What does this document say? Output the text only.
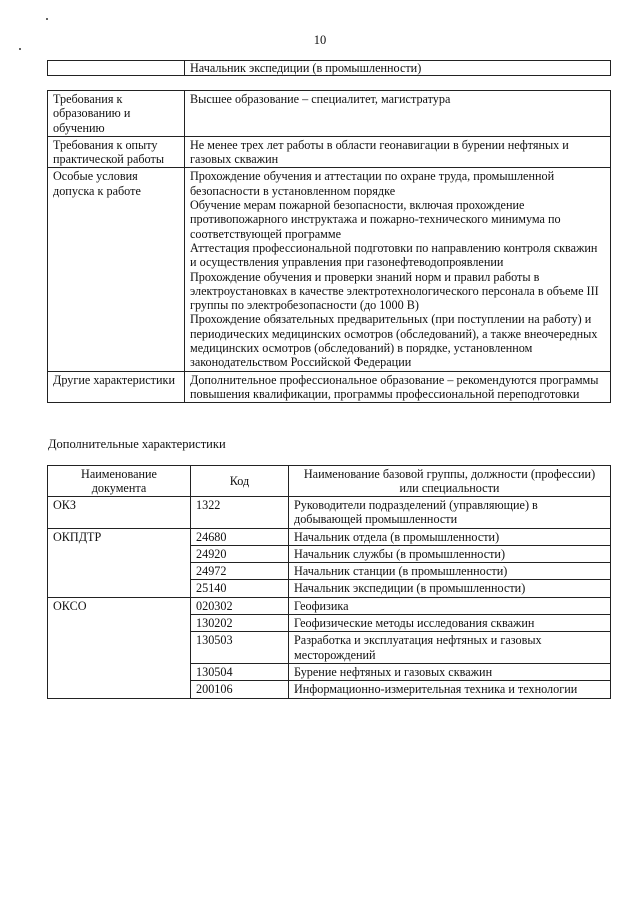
10
	Начальник экспедиции (в промышленности)
Требования к образованию и обучению	Высшее образование – специалитет, магистратура

Требования к опыту практической работы	Не менее трех лет работы в области геонавигации в бурении нефтяных и газовых скважин

Особые условия допуска к работе	Прохождение обучения и аттестации по охране труда, промышленной безопасности в установленном порядке
Обучение мерам пожарной безопасности, включая прохождение противопожарного инструктажа и пожарно-технического минимума по соответствующей программе
Аттестация профессиональной подготовки по направлению контроля скважин и осуществления управления при газонефтеводопроявлении
Прохождение обучения и проверки знаний норм и правил работы в электроустановках в качестве электротехнологического персонала в объеме III группы по электробезопасности (до 1000 В)
Прохождение обязательных предварительных (при поступлении на работу) и периодических медицинских осмотров (обследований), а также внеочередных медицинских осмотров (обследований) в порядке, установленном законодательством Российской Федерации

Другие характеристики	Дополнительное профессиональное образование – рекомендуются программы повышения квалификации, программы профессиональной переподготовки
Дополнительные характеристики
Наименование документа	Код	Наименование базовой группы, должности (профессии) или специальности
ОКЗ	1322	Руководители подразделений (управляющие) в добывающей промышленности
ОКПДТР	24680	Начальник отдела (в промышленности)
	24920	Начальник службы (в промышленности)
	24972	Начальник станции (в промышленности)
	25140	Начальник экспедиции (в промышленности)
ОКСО	020302	Геофизика
	130202	Геофизические методы исследования скважин
	130503	Разработка и эксплуатация нефтяных и газовых месторождений
	130504	Бурение нефтяных и газовых скважин
	200106	Информационно-измерительная техника и технологии
